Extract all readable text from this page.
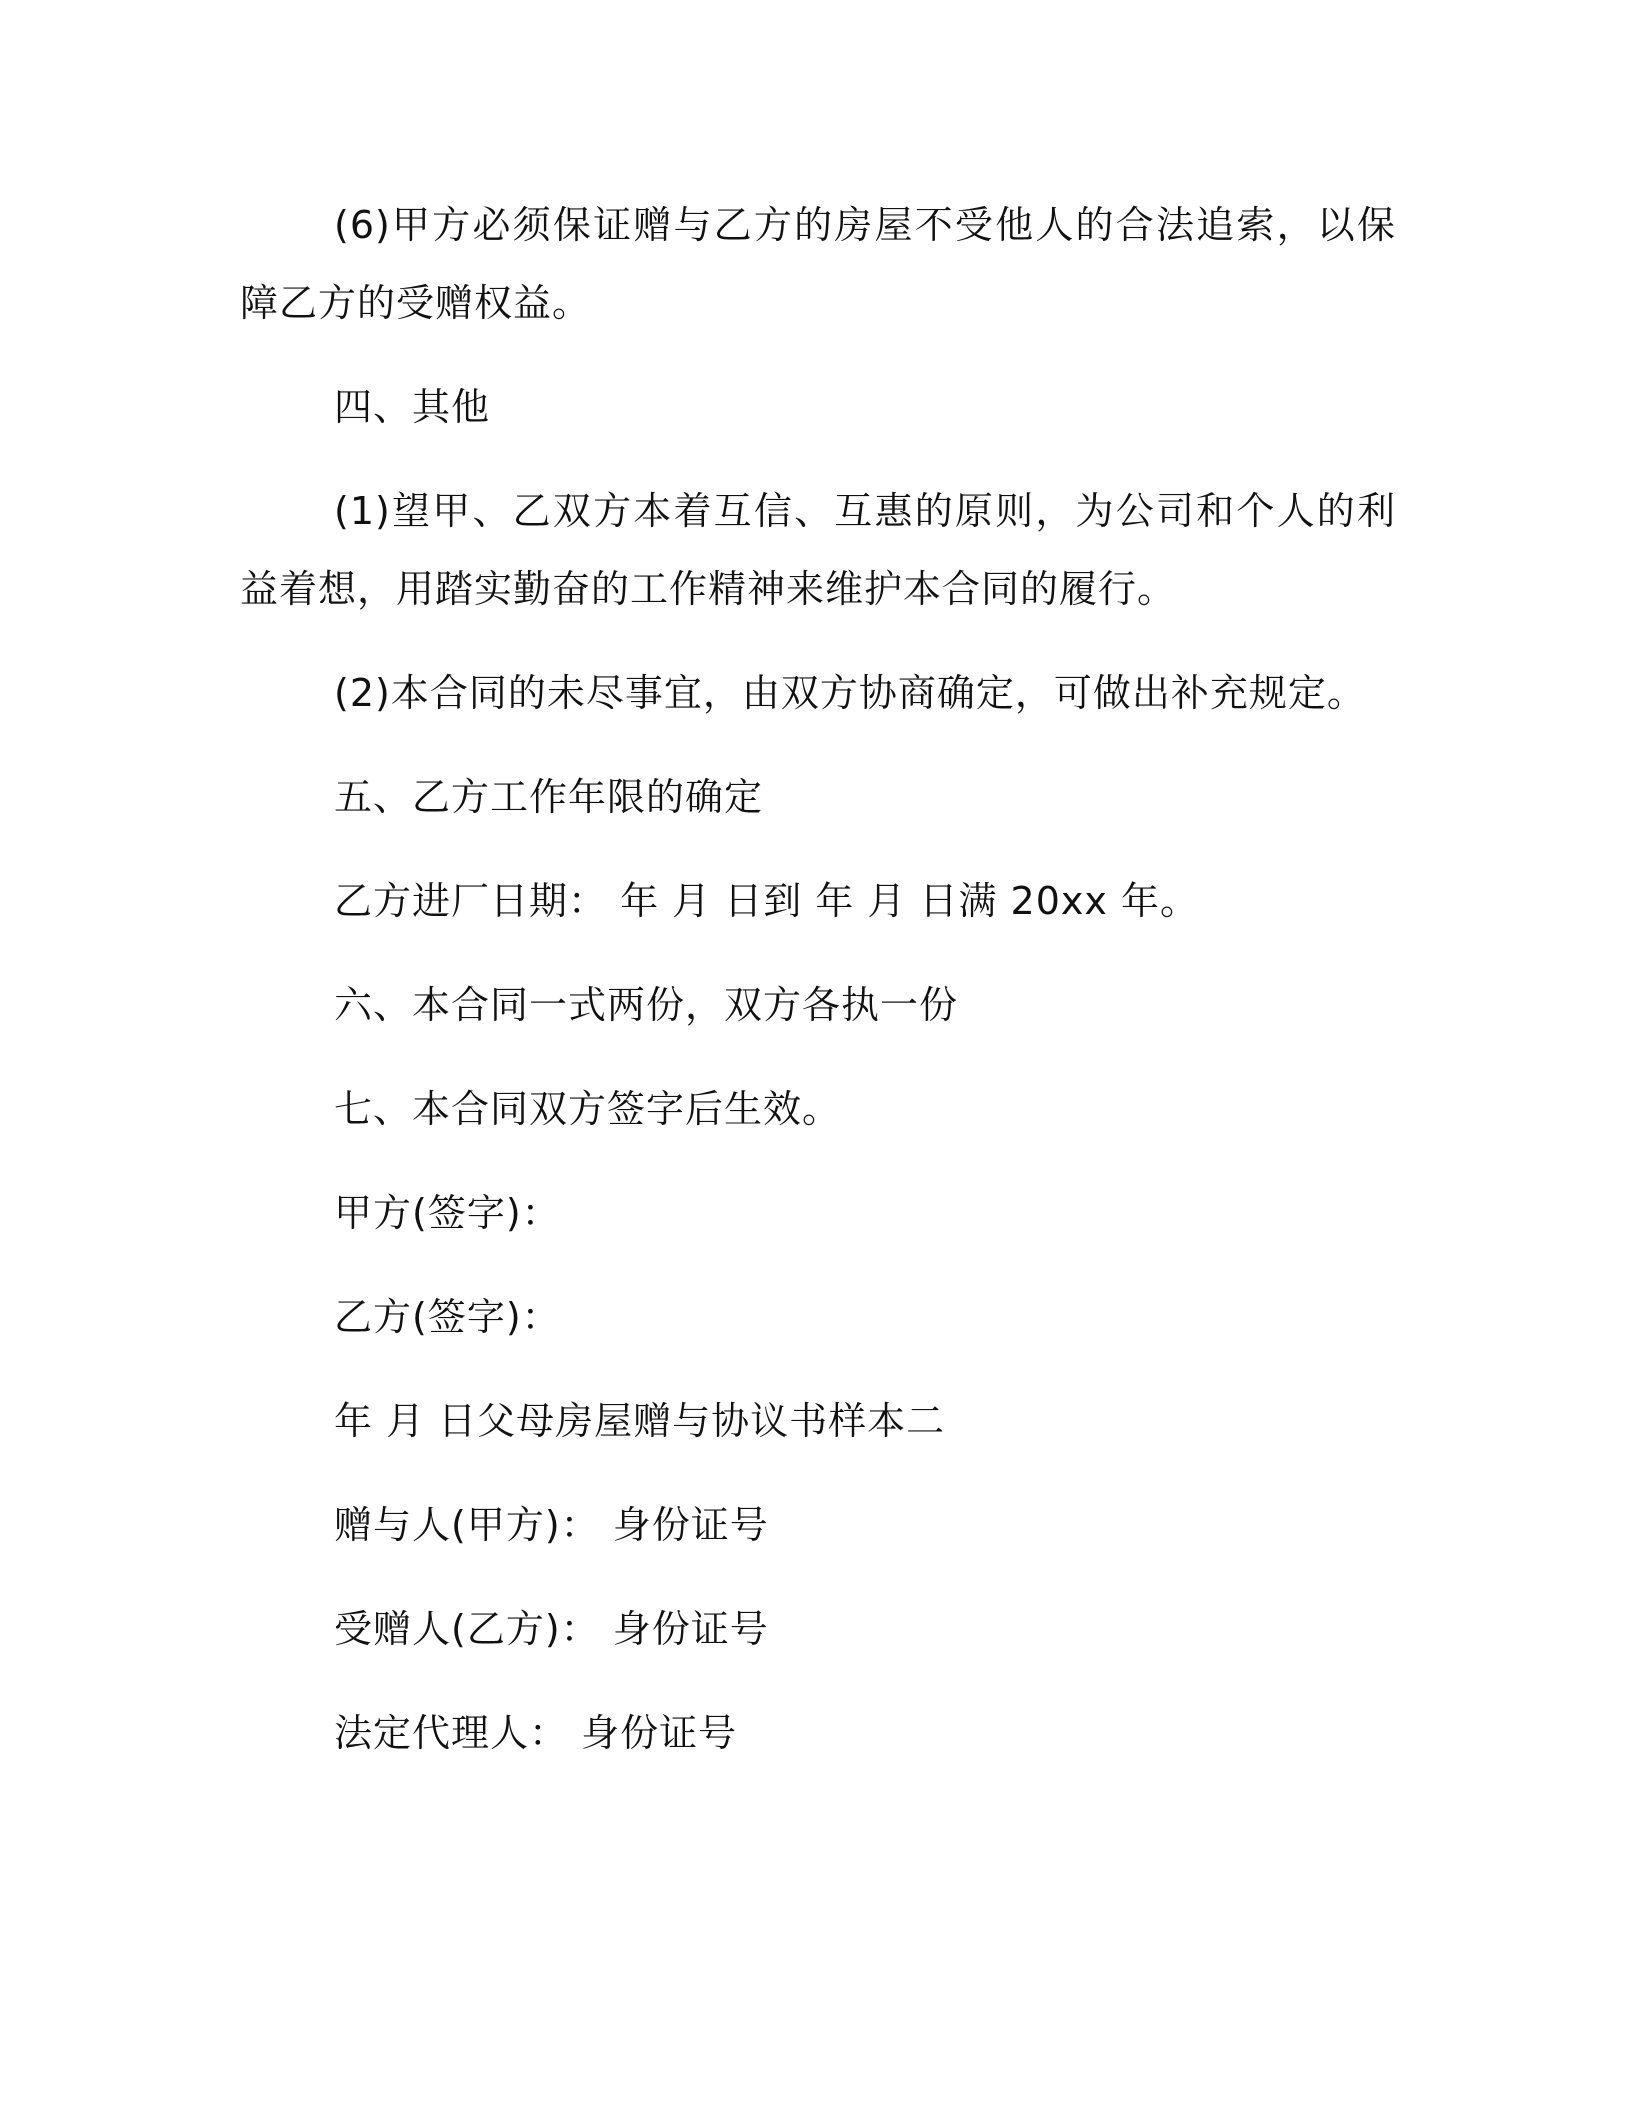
(6)甲方必须保证赠与乙方的房屋不受他人的合法追索，以保障乙方的受赠权益。

四、其他

(1)望甲、乙双方本着互信、互惠的原则，为公司和个人的利益着想，用踏实勤奋的工作精神来维护本合同的履行。

(2)本合同的未尽事宜，由双方协商确定，可做出补充规定。

五、乙方工作年限的确定

乙方进厂日期： 年 月 日到 年 月 日满 20xx 年。

六、本合同一式两份，双方各执一份

七、本合同双方签字后生效。

甲方(签字)：

乙方(签字)：

年 月 日父母房屋赠与协议书样本二

赠与人(甲方)： 身份证号

受赠人(乙方)： 身份证号

法定代理人： 身份证号
